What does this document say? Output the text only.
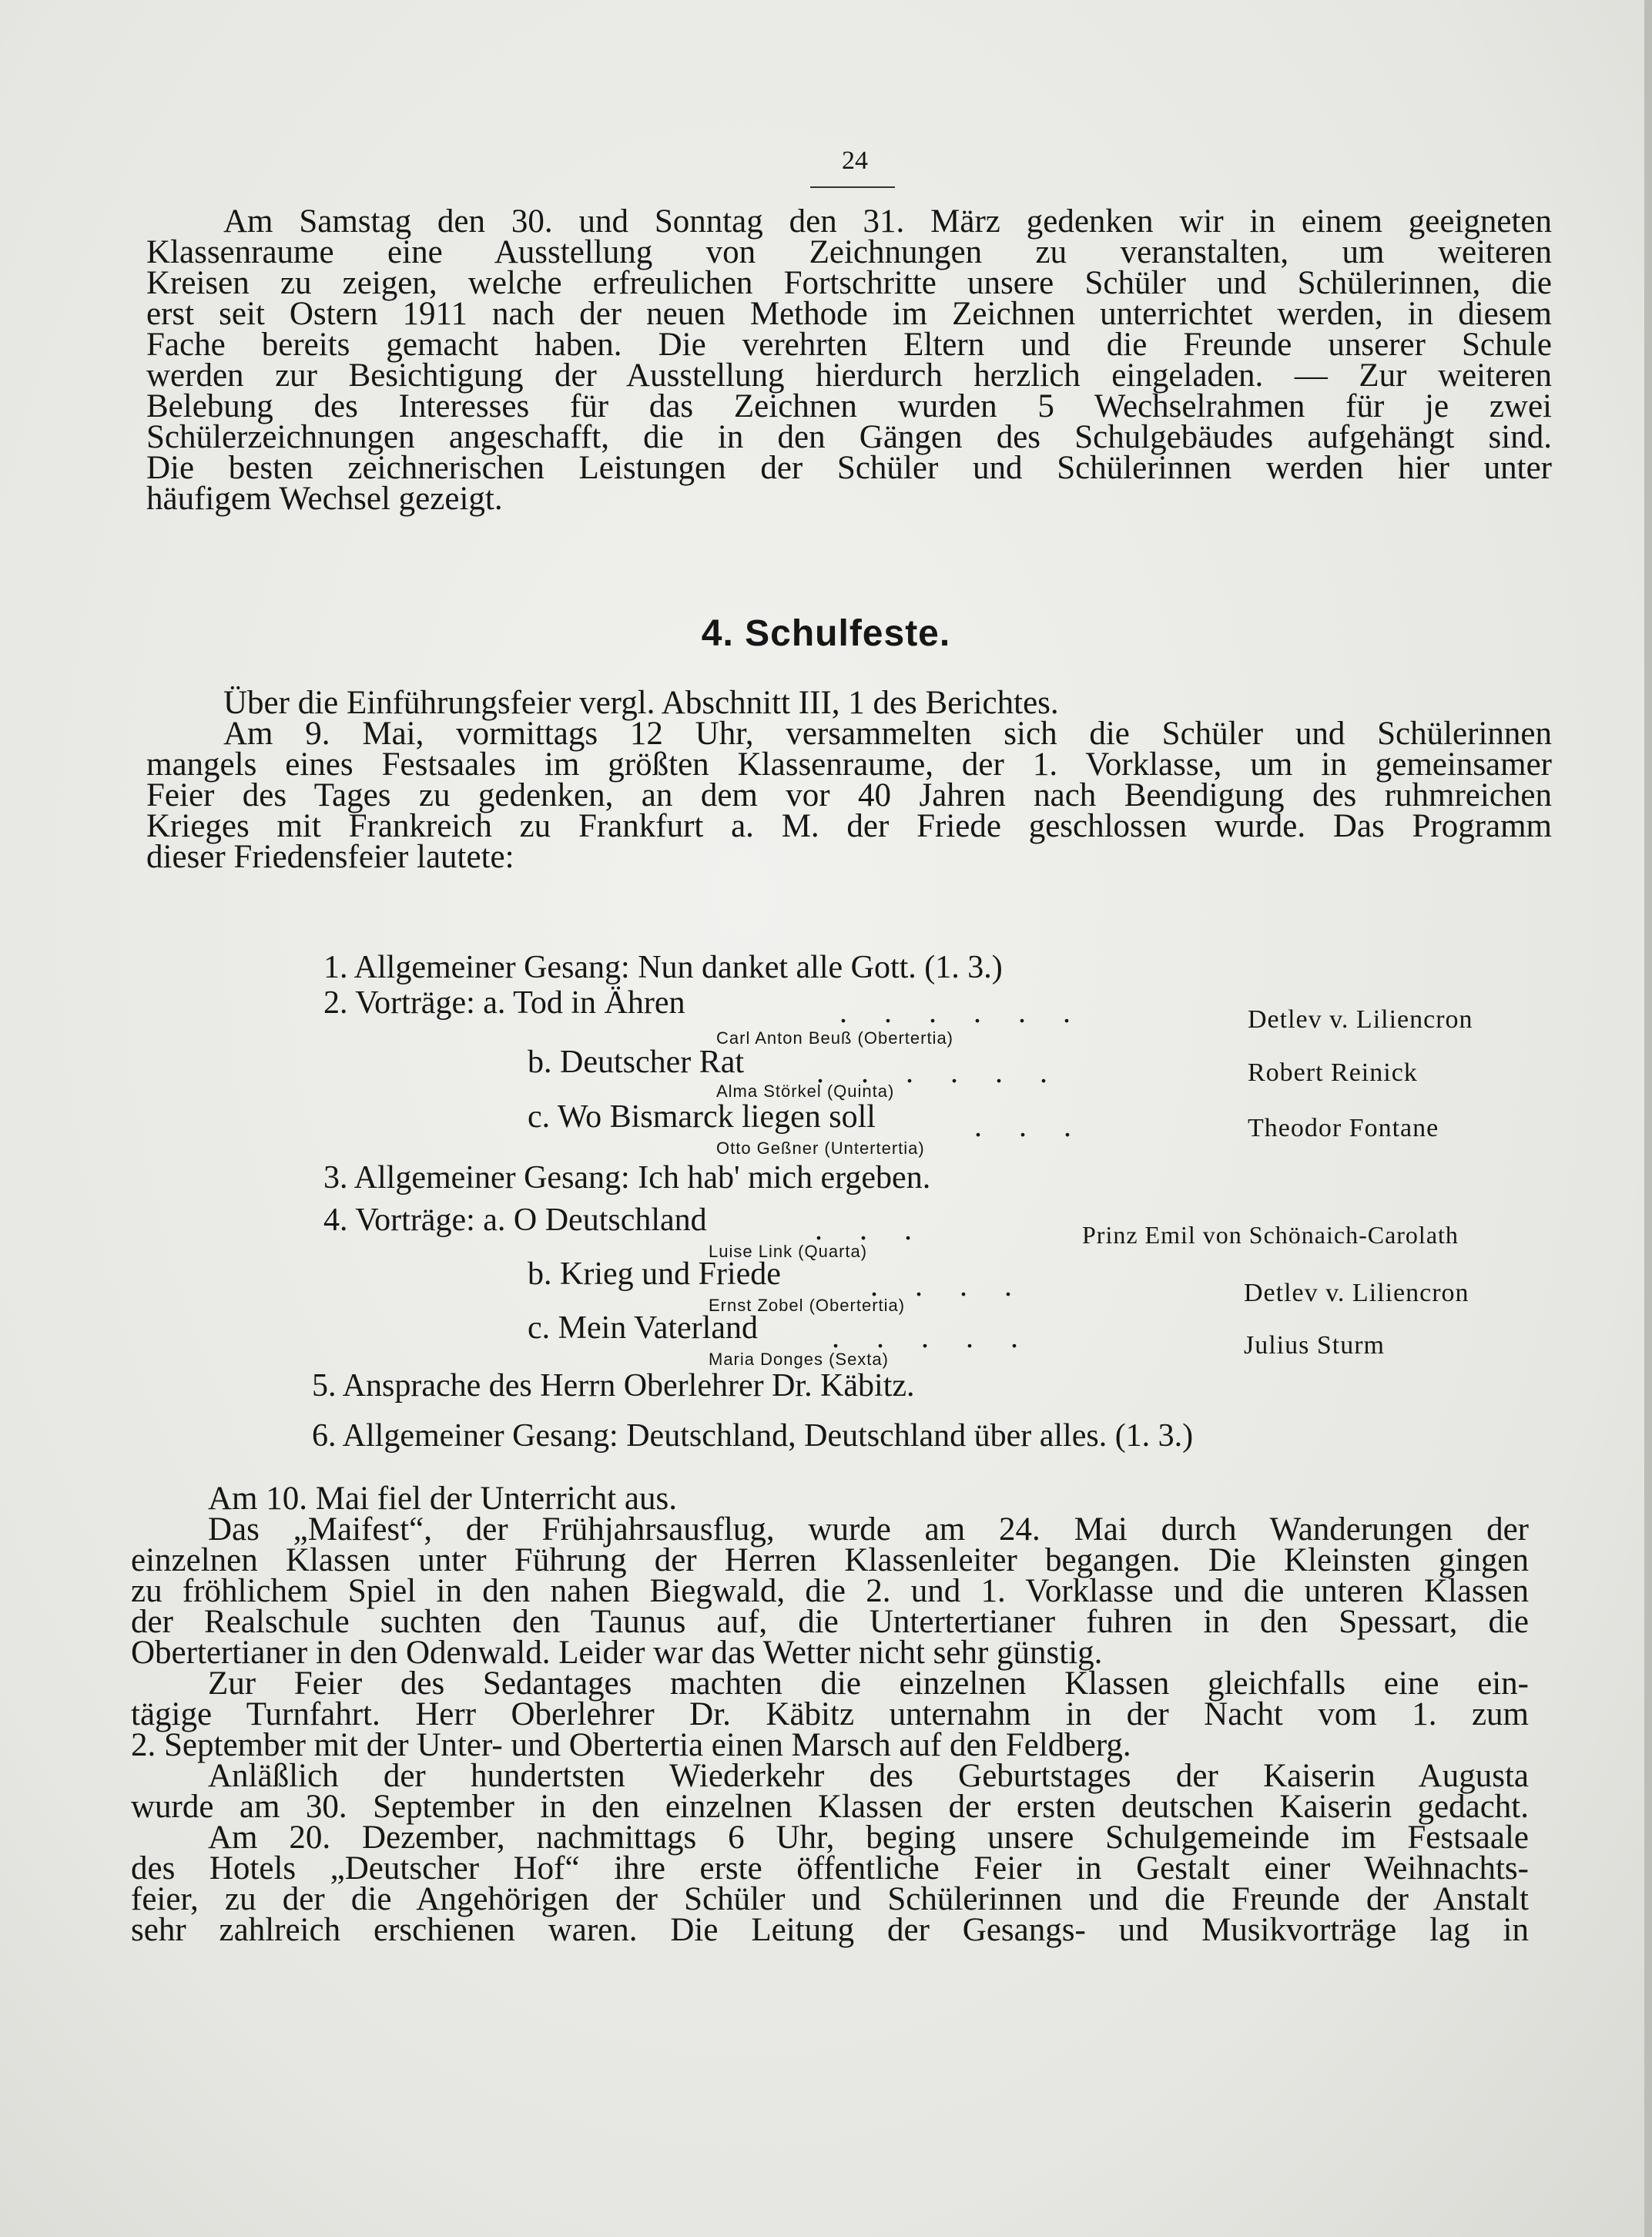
24
Am Samstag den 30. und Sonntag den 31. März gedenken wir in einem geeigneten
Klassenraume eine Ausstellung von Zeichnungen zu veranstalten, um weiteren
Kreisen zu zeigen, welche erfreulichen Fortschritte unsere Schüler und Schülerinnen, die
erst seit Ostern 1911 nach der neuen Methode im Zeichnen unterrichtet werden, in diesem
Fache bereits gemacht haben. Die verehrten Eltern und die Freunde unserer Schule
werden zur Besichtigung der Ausstellung hierdurch herzlich eingeladen. — Zur weiteren
Belebung des Interesses für das Zeichnen wurden 5 Wechselrahmen für je zwei
Schülerzeichnungen angeschafft, die in den Gängen des Schulgebäudes aufgehängt sind.
Die besten zeichnerischen Leistungen der Schüler und Schülerinnen werden hier unter
häufigem Wechsel gezeigt.
4. Schulfeste.
Über die Einführungsfeier vergl. Abschnitt III, 1 des Berichtes.
Am 9. Mai, vormittags 12 Uhr, versammelten sich die Schüler und Schülerinnen
mangels eines Festsaales im größten Klassenraume, der 1. Vorklasse, um in gemeinsamer
Feier des Tages zu gedenken, an dem vor 40 Jahren nach Beendigung des ruhmreichen
Krieges mit Frankreich zu Frankfurt a. M. der Friede geschlossen wurde. Das Programm
dieser Friedensfeier lautete:
1. Allgemeiner Gesang: Nun danket alle Gott. (1. 3.)
2. Vorträge: a. Tod in Ähren	......	Detlev v. Liliencron
Carl Anton Beuß (Obertertia)
b. Deutscher Rat ......	Robert Reinick
Alma Störkel (Quinta)
c. Wo Bismarck liegen soll	...	Theodor Fontane
Otto Geßner (Untertertia)
3. Allgemeiner Gesang: Ich hab' mich ergeben.
4. Vorträge: a. O Deutschland	...	Prinz Emil von Schönaich-Carolath
Luise Link (Quarta)
b. Krieg und Friede	....	Detlev v. Liliencron
Ernst Zobel (Obertertia)
c. Mein Vaterland .....	Julius Sturm
Maria Donges (Sexta)
5. Ansprache des Herrn Oberlehrer Dr. Käbitz.
6. Allgemeiner Gesang: Deutschland, Deutschland über alles. (1. 3.)
Am 10. Mai fiel der Unterricht aus.
Das „Maifest“, der Frühjahrsausflug, wurde am 24. Mai durch Wanderungen der
einzelnen Klassen unter Führung der Herren Klassenleiter begangen. Die Kleinsten gingen
zu fröhlichem Spiel in den nahen Biegwald, die 2. und 1. Vorklasse und die unteren Klassen
der Realschule suchten den Taunus auf, die Untertertianer fuhren in den Spessart, die
Obertertianer in den Odenwald. Leider war das Wetter nicht sehr günstig.
Zur Feier des Sedantages machten die einzelnen Klassen gleichfalls eine ein-
tägige Turnfahrt. Herr Oberlehrer Dr. Käbitz unternahm in der Nacht vom 1. zum
2. September mit der Unter- und Obertertia einen Marsch auf den Feldberg.
Anläßlich der hundertsten Wiederkehr des Geburtstages der Kaiserin Augusta
wurde am 30. September in den einzelnen Klassen der ersten deutschen Kaiserin gedacht.
Am 20. Dezember, nachmittags 6 Uhr, beging unsere Schulgemeinde im Festsaale
des Hotels „Deutscher Hof“ ihre erste öffentliche Feier in Gestalt einer Weihnachts-
feier, zu der die Angehörigen der Schüler und Schülerinnen und die Freunde der Anstalt
sehr zahlreich erschienen waren. Die Leitung der Gesangs- und Musikvorträge lag in
